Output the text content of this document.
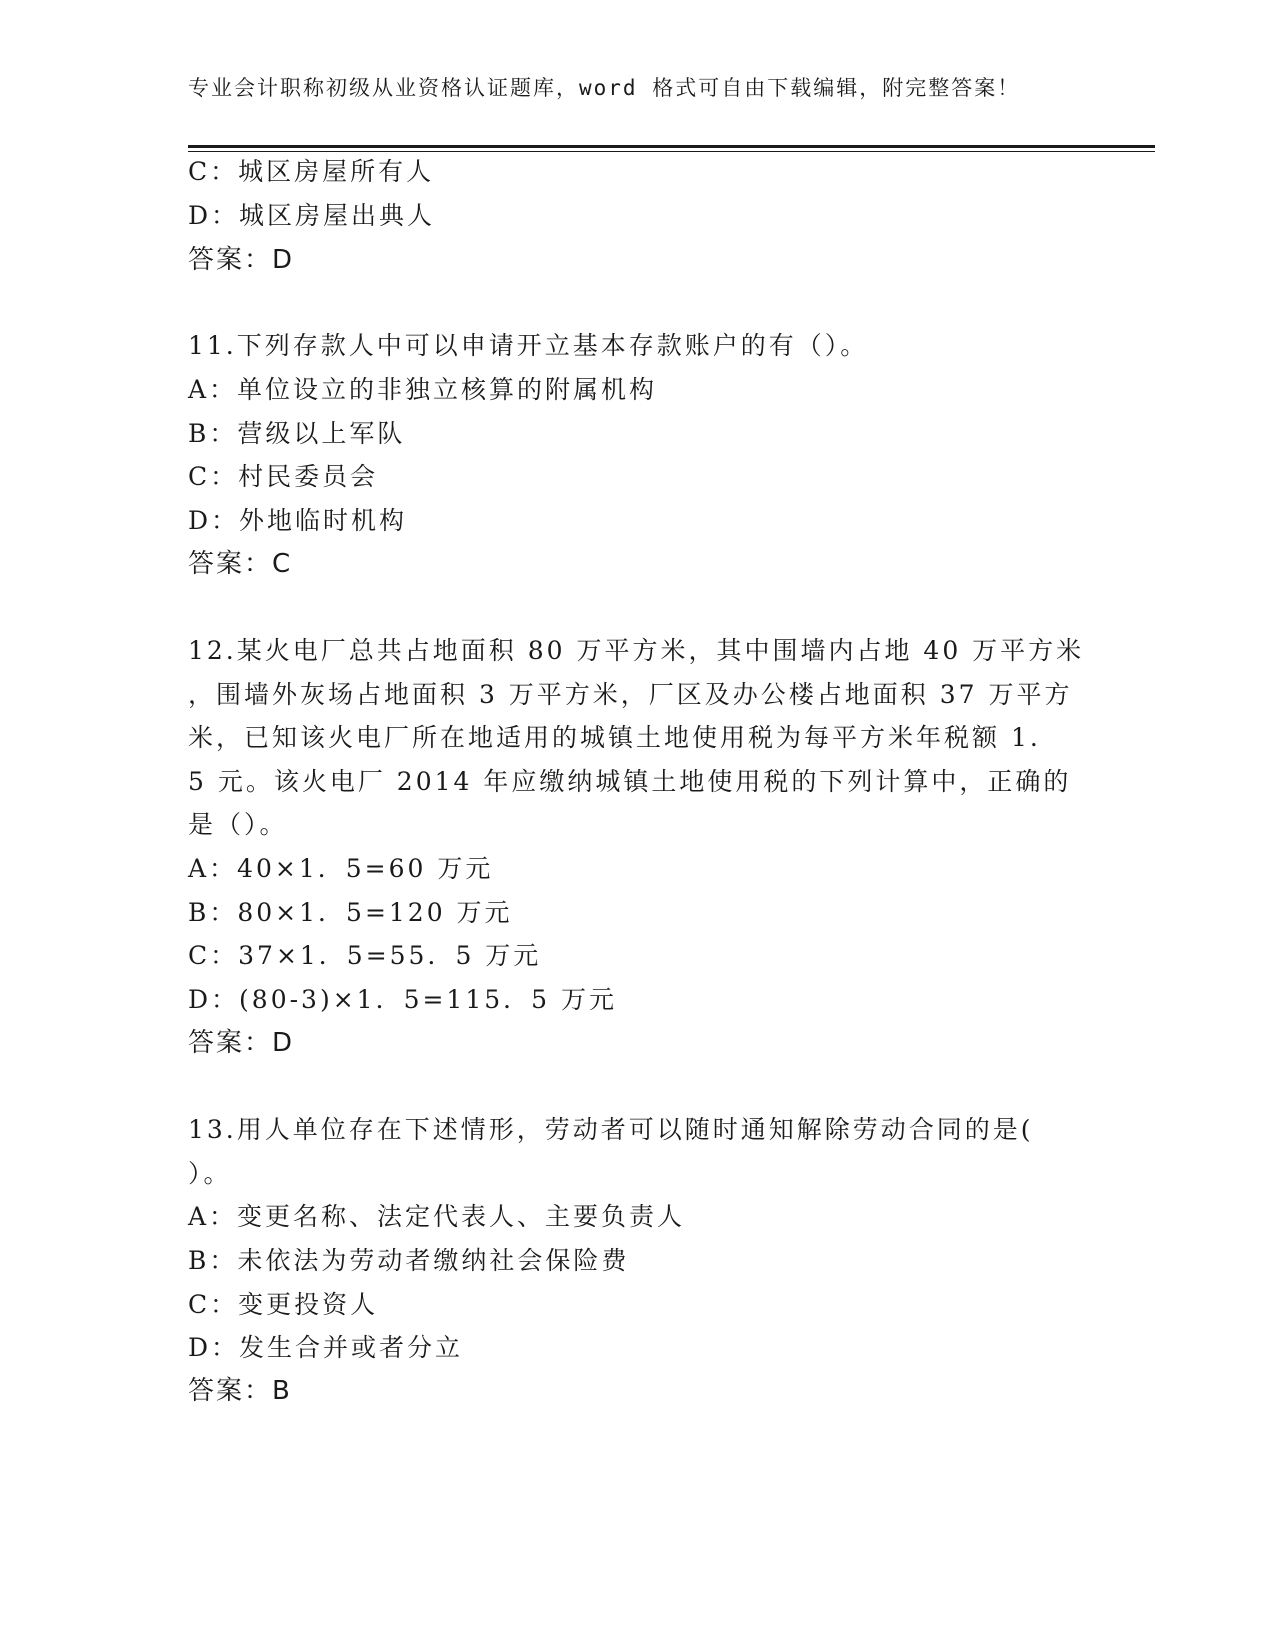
专业会计职称初级从业资格认证题库，word 格式可自由下载编辑，附完整答案！
C：城区房屋所有人
D：城区房屋出典人
答案：D
11.下列存款人中可以申请开立基本存款账户的有（）。
A：单位设立的非独立核算的附属机构
B：营级以上军队
C：村民委员会
D：外地临时机构
答案：C
12.某火电厂总共占地面积 80 万平方米，其中围墙内占地 40 万平方米
，围墙外灰场占地面积 3 万平方米，厂区及办公楼占地面积 37 万平方
米，已知该火电厂所在地适用的城镇土地使用税为每平方米年税额 1.
5 元。该火电厂 2014 年应缴纳城镇土地使用税的下列计算中，正确的
是（）。
A：40×1．5=60 万元
B：80×1．5=120 万元
C：37×1．5=55．5 万元
D：(80-3)×1．5=115．5 万元
答案：D
13.用人单位存在下述情形，劳动者可以随时通知解除劳动合同的是(
）。
A：变更名称、法定代表人、主要负责人
B：未依法为劳动者缴纳社会保险费
C：变更投资人
D：发生合并或者分立
答案：B
